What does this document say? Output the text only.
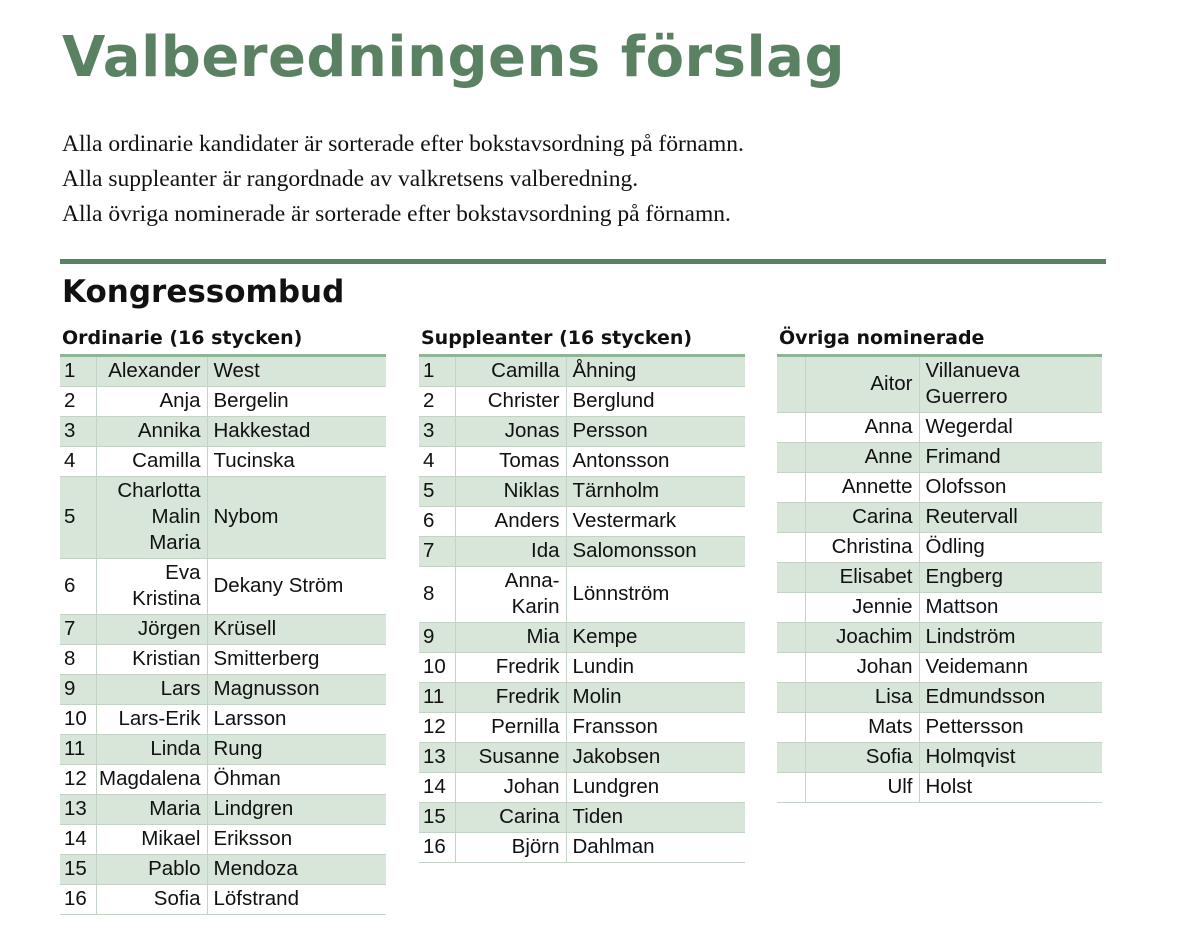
Valberedningens förslag

Alla ordinarie kandidater är sorterade efter bokstavsordning på förnamn.

Alla suppleanter är rangordnade av valkretsens valberedning.

Alla övriga nominerade är sorterade efter bokstavsordning på förnamn.

Kongressombud
Ordinarie (16 stycken)
1	Alexander	West
2	Anja	Bergelin
3	Annika	Hakkestad
4	Camilla	Tucinska
5	Charlotta Malin Maria	Nybom
6	Eva Kristina	Dekany Ström
7	Jörgen	Krüsell
8	Kristian	Smitterberg
9	Lars	Magnusson
10	Lars-Erik	Larsson
11	Linda	Rung
12	Magdalena	Öhman
13	Maria	Lindgren
14	Mikael	Eriksson
15	Pablo	Mendoza
16	Sofia	Löfstrand
Suppleanter (16 stycken)
1	Camilla	Åhning
2	Christer	Berglund
3	Jonas	Persson
4	Tomas	Antonsson
5	Niklas	Tärnholm
6	Anders	Vestermark
7	Ida	Salomonsson
8	Anna-Karin	Lönnström
9	Mia	Kempe
10	Fredrik	Lundin
11	Fredrik	Molin
12	Pernilla	Fransson
13	Susanne	Jakobsen
14	Johan	Lundgren
15	Carina	Tiden
16	Björn	Dahlman
Övriga nominerade
	Aitor	Villanueva Guerrero
	Anna	Wegerdal
	Anne	Frimand
	Annette	Olofsson
	Carina	Reutervall
	Christina	Ödling
	Elisabet	Engberg
	Jennie	Mattson
	Joachim	Lindström
	Johan	Veidemann
	Lisa	Edmundsson
	Mats	Pettersson
	Sofia	Holmqvist
	Ulf	Holst
